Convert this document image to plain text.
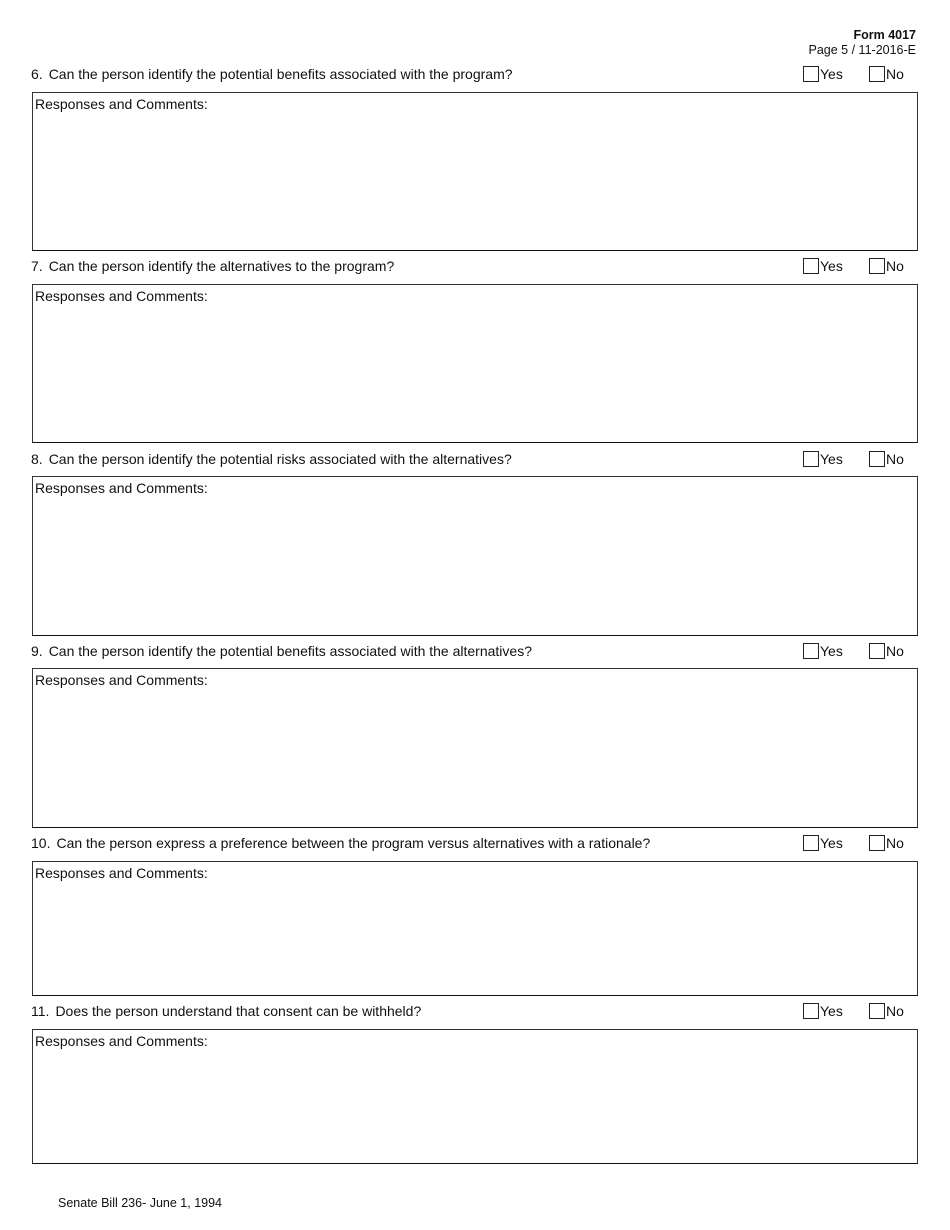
Form 4017
Page 5 / 11-2016-E
6. Can the person identify the potential benefits associated with the program?	Yes	No
Responses and Comments:
7. Can the person identify the alternatives to the program?	Yes	No
Responses and Comments:
8. Can the person identify the potential risks associated with the alternatives?	Yes	No
Responses and Comments:
9. Can the person identify the potential benefits associated with the alternatives?	Yes	No
Responses and Comments:
10. Can the person express a preference between the program versus alternatives with a rationale?	Yes	No
Responses and Comments:
11. Does the person understand that consent can be withheld?	Yes	No
Responses and Comments:
Senate Bill 236- June 1, 1994
